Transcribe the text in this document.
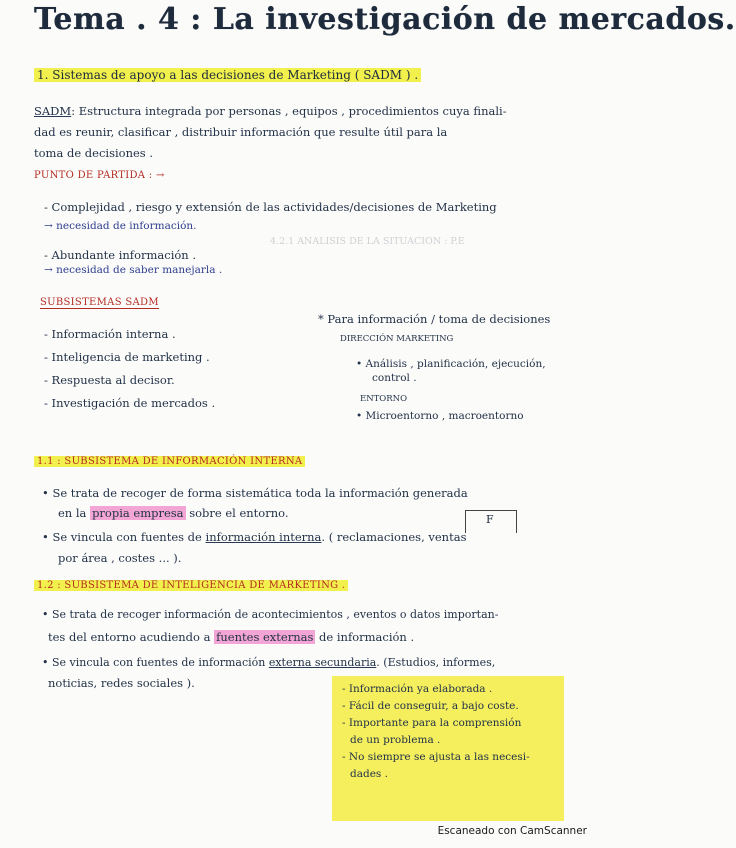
Tema . 4 : La investigación de mercados.
4.2.1 ANALISIS DE LA SITUACION : P.E
1. Sistemas de apoyo a las decisiones de Marketing ( SADM ) .
SADM: Estructura integrada por personas , equipos , procedimientos cuya finali-
dad es reunir, clasificar , distribuir información que resulte útil para la
toma de decisiones .
PUNTO DE PARTIDA : →
- Complejidad , riesgo y extensión de las actividades/decisiones de Marketing
→ necesidad de información.
- Abundante información .
→ necesidad de saber manejarla .
SUBSISTEMAS SADM
- Información interna .
- Inteligencia de marketing .
- Respuesta al decisor.
- Investigación de mercados .
* Para información / toma de decisiones
DIRECCIÓN MARKETING
• Análisis , planificación, ejecución,
control .
ENTORNO
• Microentorno , macroentorno
1.1 : SUBSISTEMA DE INFORMACIÓN INTERNA
• Se trata de recoger de forma sistemática toda la información generada
en la propia empresa sobre el entorno.	F
• Se vincula con fuentes de información interna. ( reclamaciones, ventas
por área , costes ... ).
1.2 : SUBSISTEMA DE INTELIGENCIA DE MARKETING .
• Se trata de recoger información de acontecimientos , eventos o datos importan-
tes del entorno acudiendo a fuentes externas de información .
• Se vincula con fuentes de información externa secundaria. (Estudios, informes,
noticias, redes sociales ).	- Información ya elaborada .
- Fácil de conseguir, a bajo coste.
- Importante para la comprensión
de un problema .
- No siempre se ajusta a las necesi-
dades .
Escaneado con CamScanner
